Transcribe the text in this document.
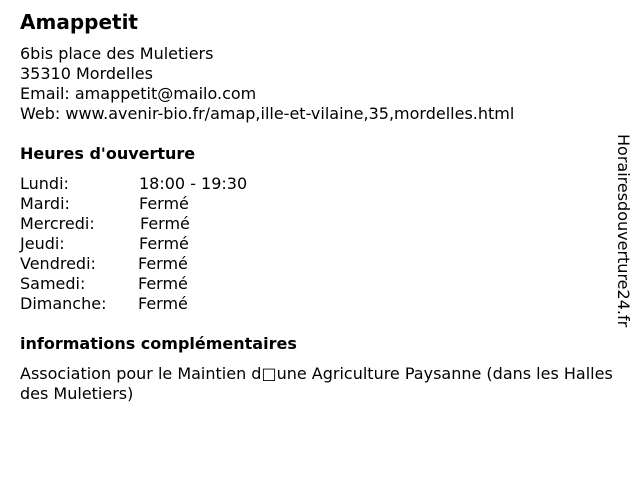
Amappetit
6bis place des Muletiers
35310 Mordelles
Email: amappetit@mailo.com
Web: www.avenir-bio.fr/amap,ille-et-vilaine,35,mordelles.html
Heures d'ouverture
Lundi:	18:00 - 19:30
Mardi:	Fermé
Mercredi:	Fermé
Jeudi:	Fermé
Vendredi:	Fermé
Samedi:	Fermé
Dimanche: Fermé
informations complémentaires
Association pour le Maintien d□une Agriculture Paysanne (dans les Halles des Muletiers)
Horairesdouverture24.fr
